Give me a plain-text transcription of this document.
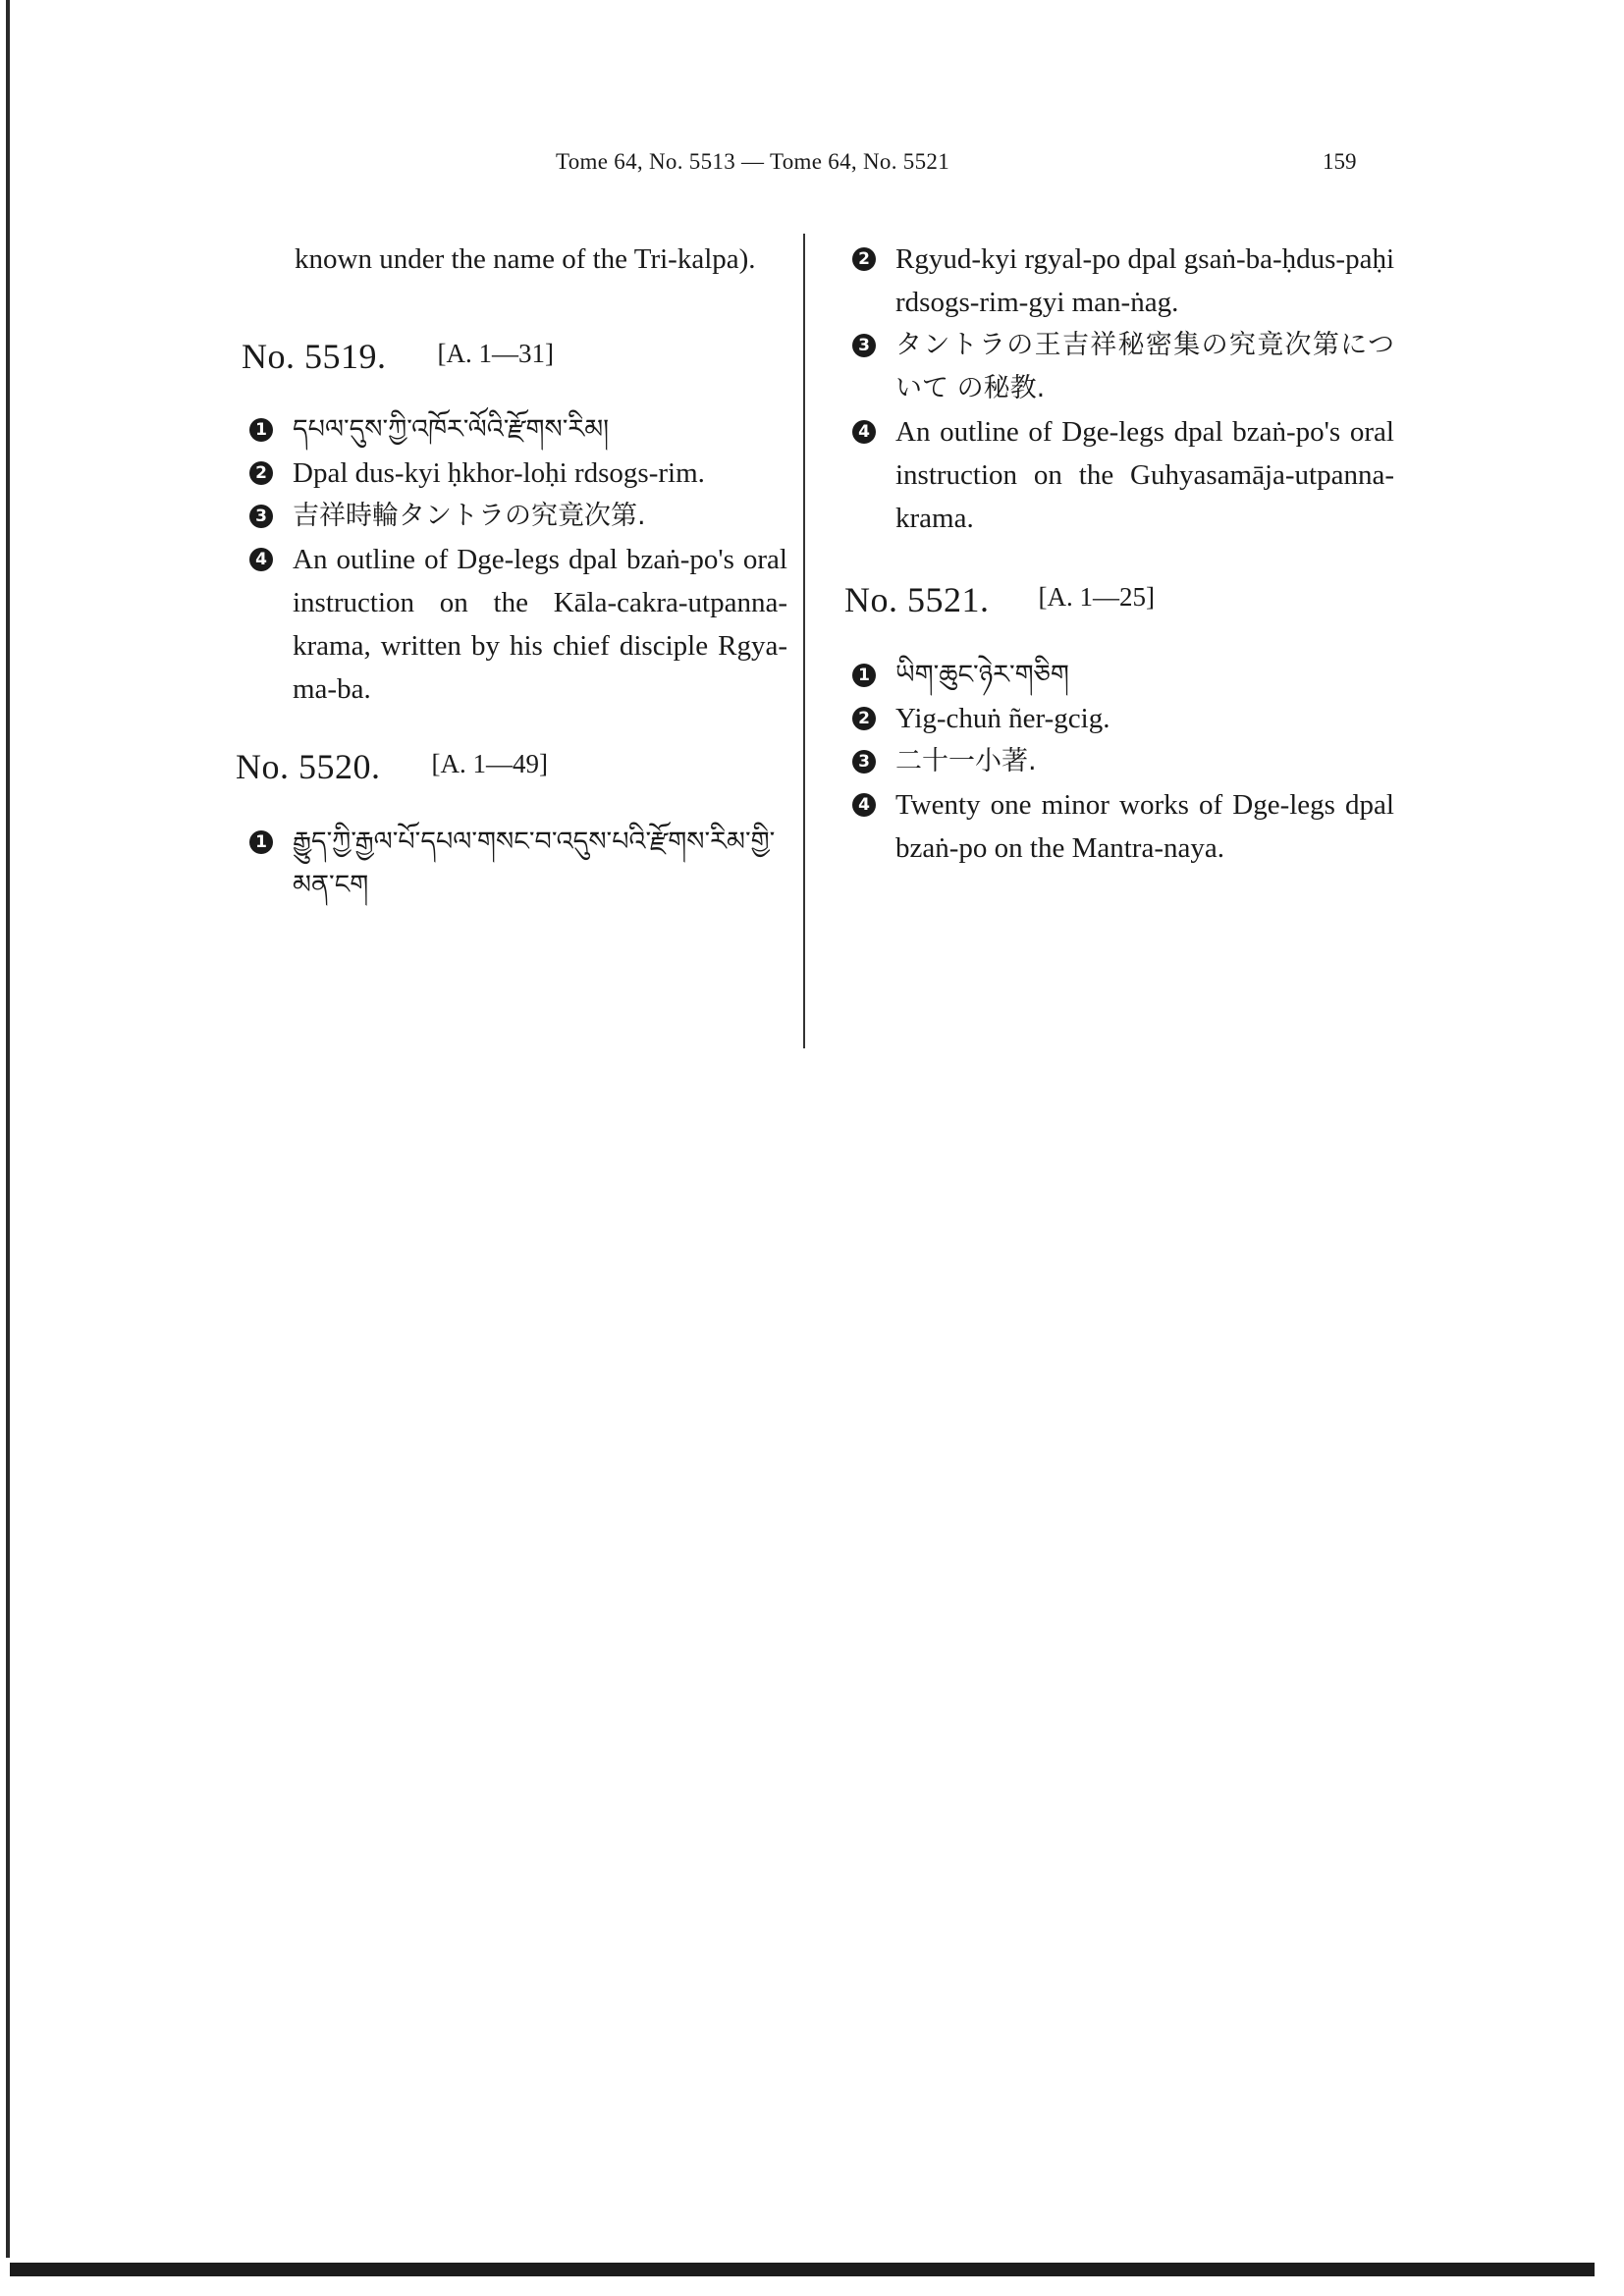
Tome 64, No. 5513 — Tome 64, No. 5521	159

known under the name of the Tri-kalpa).

No. 5519. [A. 1—31]
1 དཔལ་དུས་ཀྱི་འཁོར་ལོའི་རྫོགས་རིམ།
2 Dpal dus-kyi ḥkhor-loḥi rdsogs-rim.
3 吉祥時輪タントラの究竟次第.
4 An outline of Dge-legs dpal bzaṅ-po's oral instruction on the Kāla-cakra-utpanna-krama, written by his chief disciple Rgya-ma-ba.
No. 5520. [A. 1—49]
1 རྒྱུད་ཀྱི་རྒྱལ་པོ་དཔལ་གསང་བ་འདུས་པའི་རྫོགས་རིམ་གྱི་མན་ངག
2 Rgyud-kyi rgyal-po dpal gsaṅ-ba-ḥdus-paḥi rdsogs-rim-gyi man-ṅag.
3 タントラの王吉祥秘密集の究竟次第について の秘教.
4 An outline of Dge-legs dpal bzaṅ-po's oral instruction on the Guhyasamāja-utpanna-krama.
No. 5521. [A. 1—25]
1 ཡིག་ཆུང་ཉེར་གཅིག
2 Yig-chuṅ ñer-gcig.
3 二十一小著.
4 Twenty one minor works of Dge-legs dpal bzaṅ-po on the Mantra-naya.
